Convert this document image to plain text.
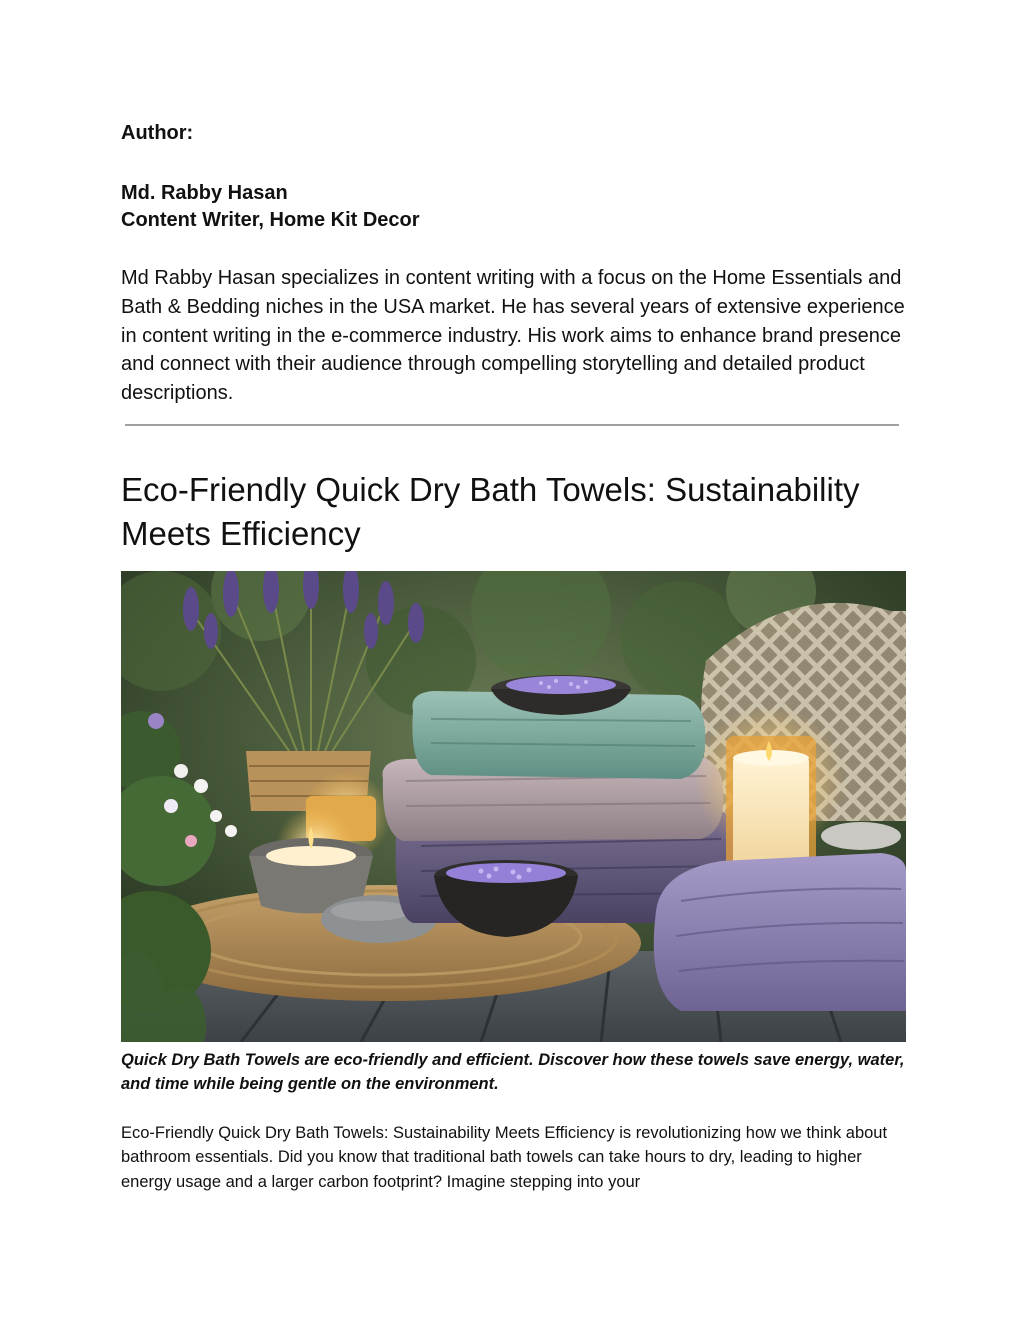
Author:

Md. Rabby Hasan

Content Writer, Home Kit Decor

Md Rabby Hasan specializes in content writing with a focus on the Home Essentials and Bath & Bedding niches in the USA market. He has several years of extensive experience in content writing in the e-commerce industry. His work aims to enhance brand presence and connect with their audience through compelling storytelling and detailed product descriptions.

Eco-Friendly Quick Dry Bath Towels: Sustainability Meets Efficiency

Quick Dry Bath Towels are eco-friendly and efficient. Discover how these towels save energy, water, and time while being gentle on the environment.

Eco-Friendly Quick Dry Bath Towels: Sustainability Meets Efficiency is revolutionizing how we think about bathroom essentials. Did you know that traditional bath towels can take hours to dry, leading to higher energy usage and a larger carbon footprint? Imagine stepping into your
